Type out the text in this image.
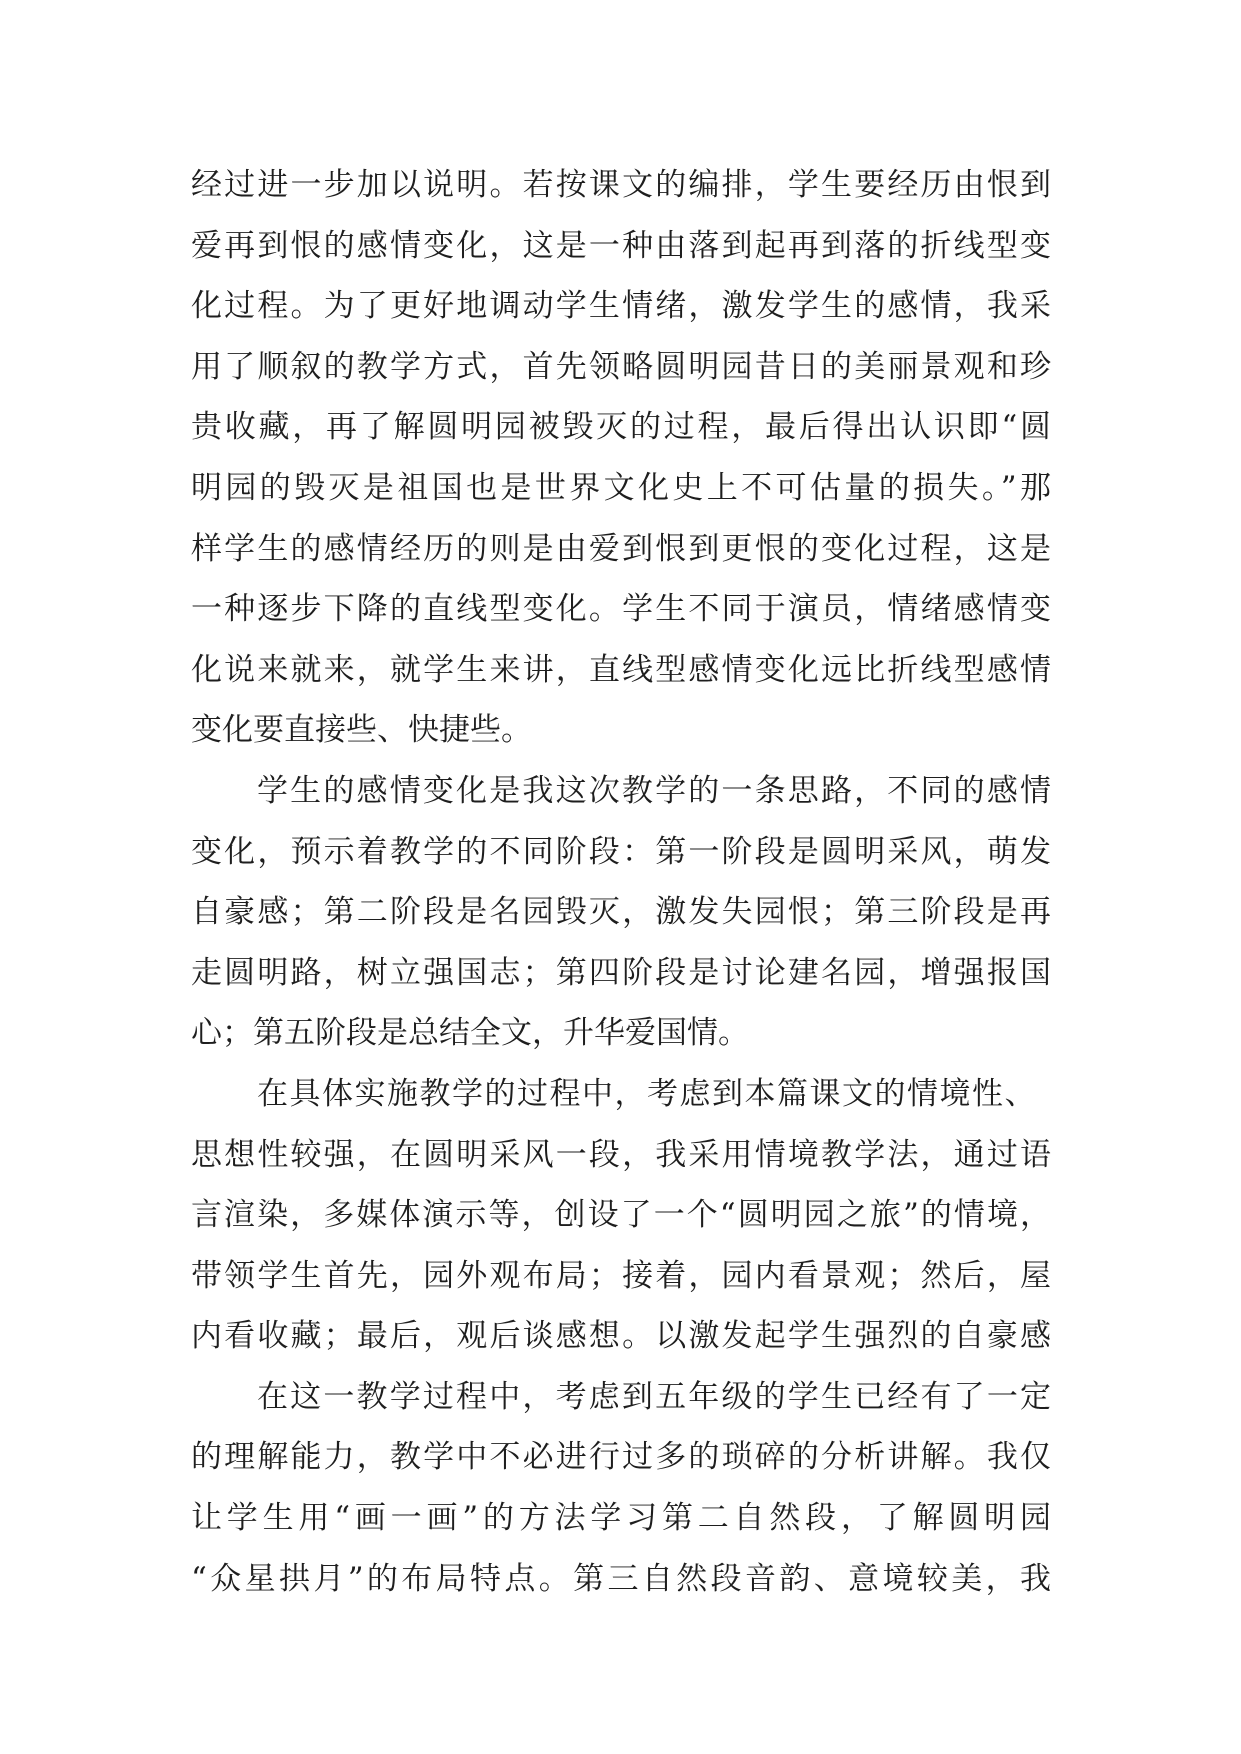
经过进一步加以说明。若按课文的编排，学生要经历由恨到
爱再到恨的感情变化，这是一种由落到起再到落的折线型变
化过程。为了更好地调动学生情绪，激发学生的感情，我采
用了顺叙的教学方式，首先领略圆明园昔日的美丽景观和珍
贵收藏，再了解圆明园被毁灭的过程，最后得出认识即“圆
明园的毁灭是祖国也是世界文化史上不可估量的损失。”那
样学生的感情经历的则是由爱到恨到更恨的变化过程，这是
一种逐步下降的直线型变化。学生不同于演员，情绪感情变
化说来就来，就学生来讲，直线型感情变化远比折线型感情
变化要直接些、快捷些。
学生的感情变化是我这次教学的一条思路，不同的感情
变化，预示着教学的不同阶段：第一阶段是圆明采风，萌发
自豪感；第二阶段是名园毁灭，激发失园恨；第三阶段是再
走圆明路，树立强国志；第四阶段是讨论建名园，增强报国
心；第五阶段是总结全文，升华爱国情。
在具体实施教学的过程中，考虑到本篇课文的情境性、
思想性较强，在圆明采风一段，我采用情境教学法，通过语
言渲染，多媒体演示等，创设了一个“圆明园之旅”的情境，
带领学生首先，园外观布局；接着，园内看景观；然后，屋
内看收藏；最后，观后谈感想。以激发起学生强烈的自豪感
在这一教学过程中，考虑到五年级的学生已经有了一定
的理解能力，教学中不必进行过多的琐碎的分析讲解。我仅
让学生用“画一画”的方法学习第二自然段，了解圆明园
“众星拱月”的布局特点。第三自然段音韵、意境较美，我
